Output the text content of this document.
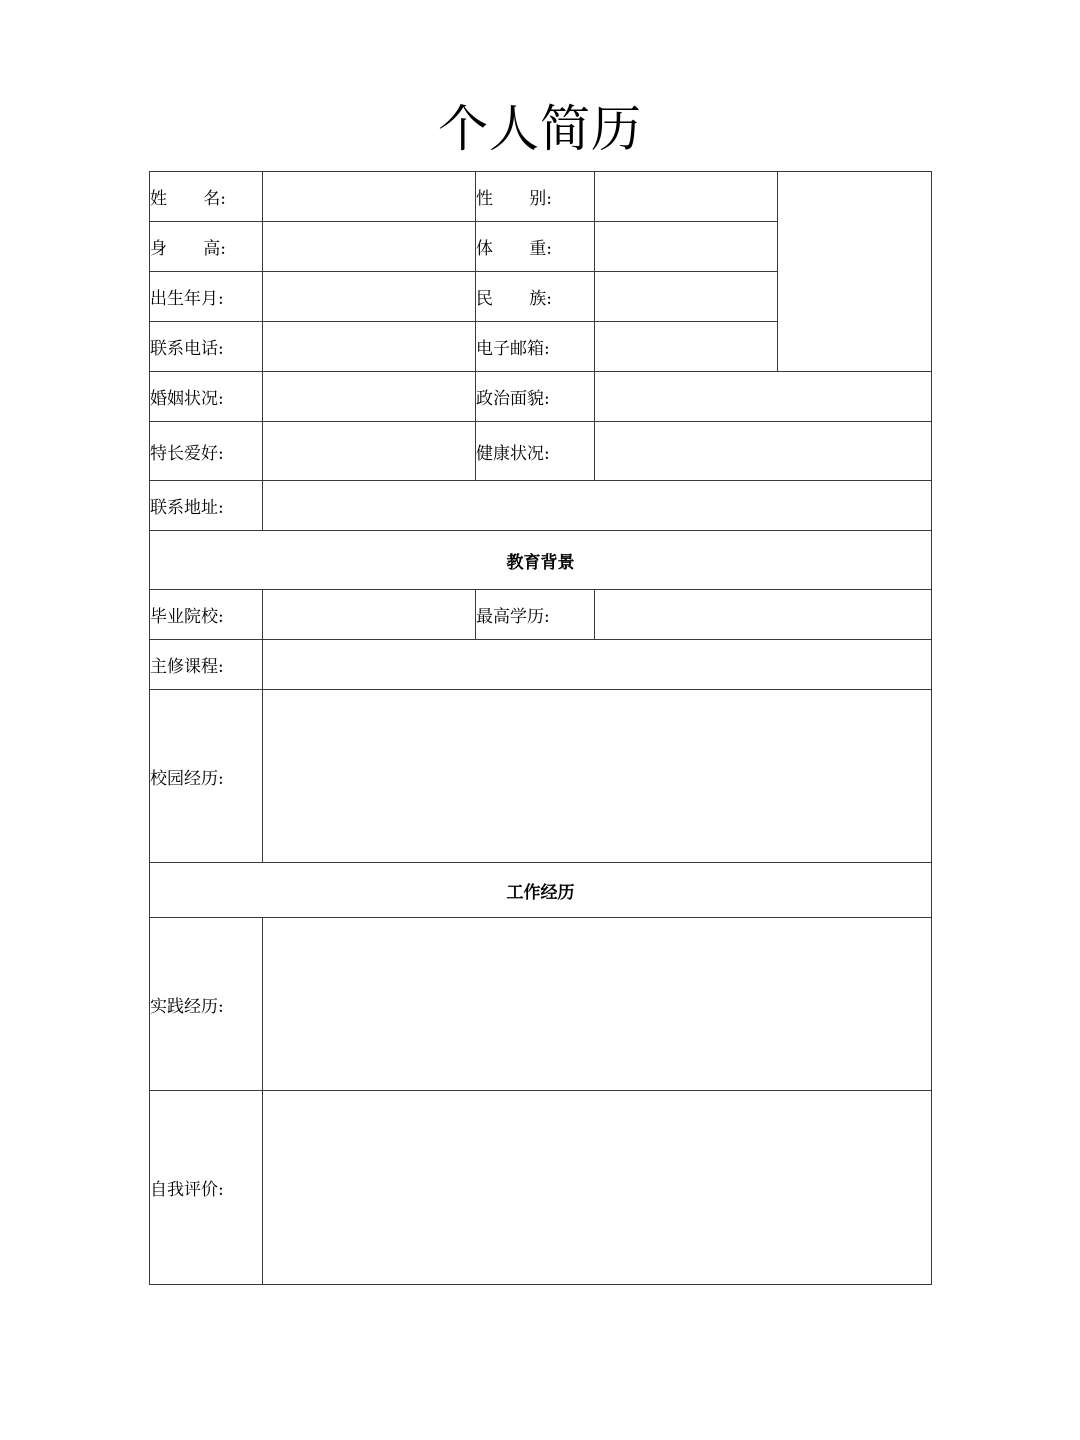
个人简历
姓 名:		性 别:		

身 高:		体 重:		

出生年月:		民 族:		

联系电话:		电子邮箱:		
婚姻状况:		政治面貌:		
特长爱好:		健康状况:		
联系地址:				
教育背景				
毕业院校:		最高学历:		
主修课程:				
校园经历:				
工作经历				
实践经历:				
自我评价:				
